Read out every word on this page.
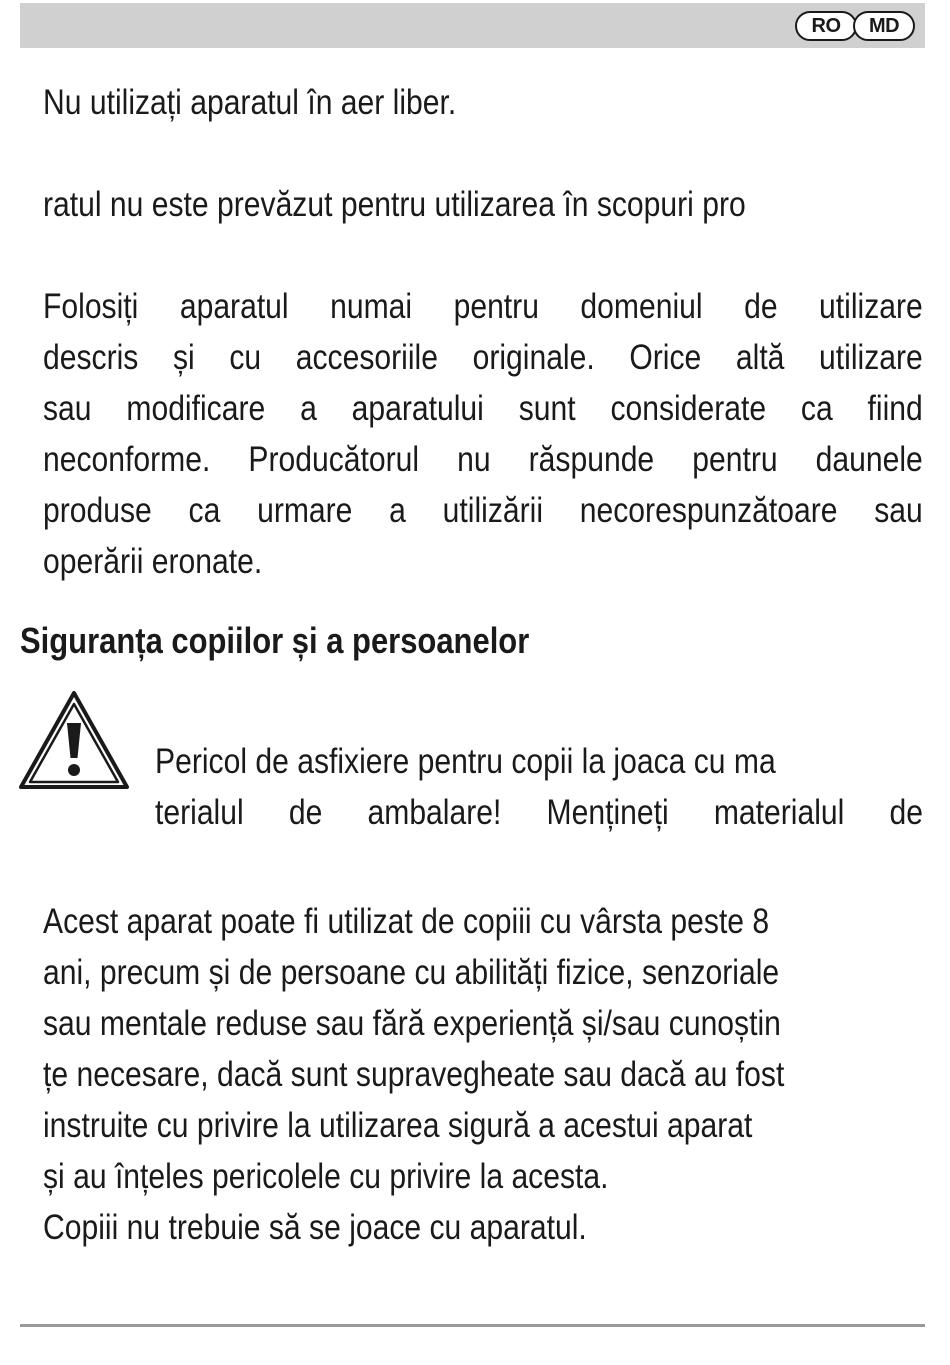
RO	MD

Nu utilizați aparatul în aer liber.

ratul nu este prevăzut pentru utilizarea în scopuri pro

Folosiți aparatul numai pentru domeniul de utilizare
descris și cu accesoriile originale. Orice altă utilizare
sau modificare a aparatului sunt considerate ca fiind
neconforme. Producătorul nu răspunde pentru daunele
produse ca urmare a utilizării necorespunzătoare sau
operării eronate.
Siguranța copiilor și a persoanelor
Pericol de asfixiere pentru copii la joaca cu ma
terialul de ambalare! Mențineți materialul de
Acest aparat poate fi utilizat de copiii cu vârsta peste 8
ani, precum și de persoane cu abilități fizice, senzoriale
sau mentale reduse sau fără experiență și/sau cunoștin
țe necesare, dacă sunt supravegheate sau dacă au fost
instruite cu privire la utilizarea sigură a acestui aparat
și au înțeles pericolele cu privire la acesta.
Copiii nu trebuie să se joace cu aparatul.
